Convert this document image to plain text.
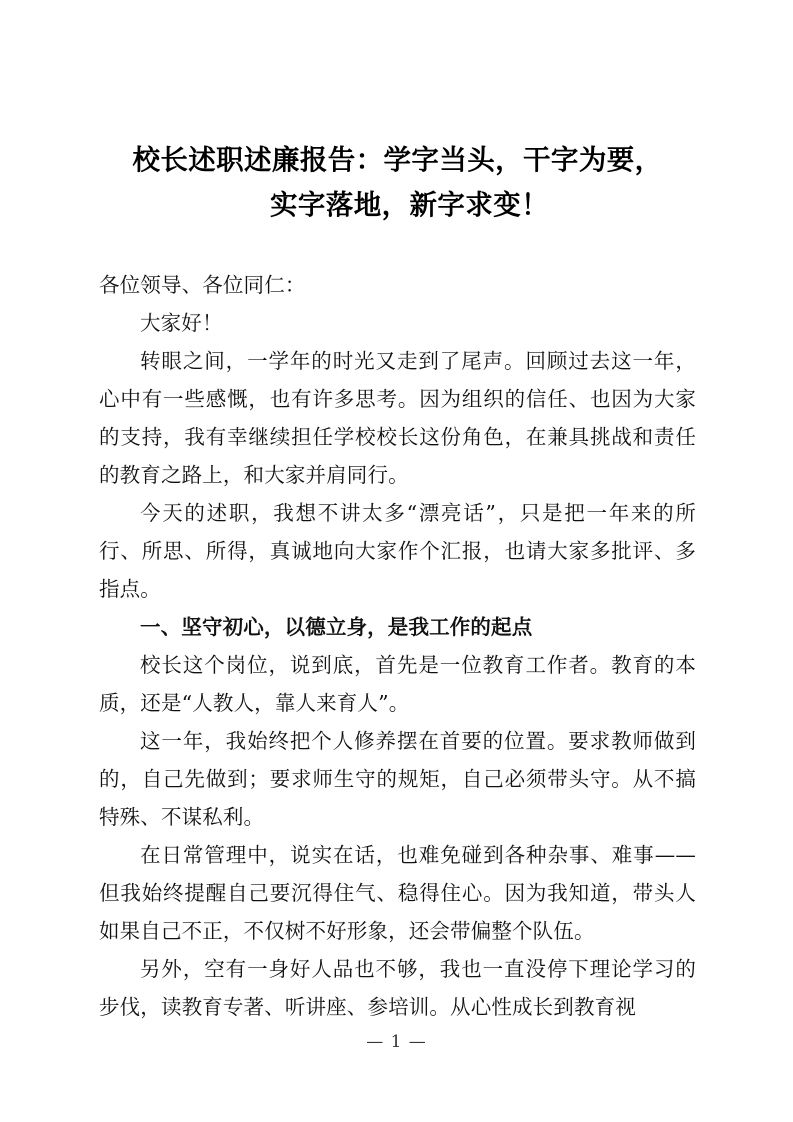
校长述职述廉报告：学字当头，干字为要，
实字落地，新字求变！

各位领导、各位同仁：

大家好！

转眼之间，一学年的时光又走到了尾声。回顾过去这一年，心中有一些感慨，也有许多思考。因为组织的信任、也因为大家的支持，我有幸继续担任学校校长这份角色，在兼具挑战和责任的教育之路上，和大家并肩同行。

今天的述职，我想不讲太多“漂亮话”，只是把一年来的所行、所思、所得，真诚地向大家作个汇报，也请大家多批评、多指点。

一、坚守初心，以德立身，是我工作的起点

校长这个岗位，说到底，首先是一位教育工作者。教育的本质，还是“人教人，靠人来育人”。

这一年，我始终把个人修养摆在首要的位置。要求教师做到的，自己先做到；要求师生守的规矩，自己必须带头守。从不搞特殊、不谋私利。

在日常管理中，说实在话，也难免碰到各种杂事、难事——但我始终提醒自己要沉得住气、稳得住心。因为我知道，带头人如果自己不正，不仅树不好形象，还会带偏整个队伍。

另外，空有一身好人品也不够，我也一直没停下理论学习的步伐，读教育专著、听讲座、参培训。从心性成长到教育视

— 1 —
